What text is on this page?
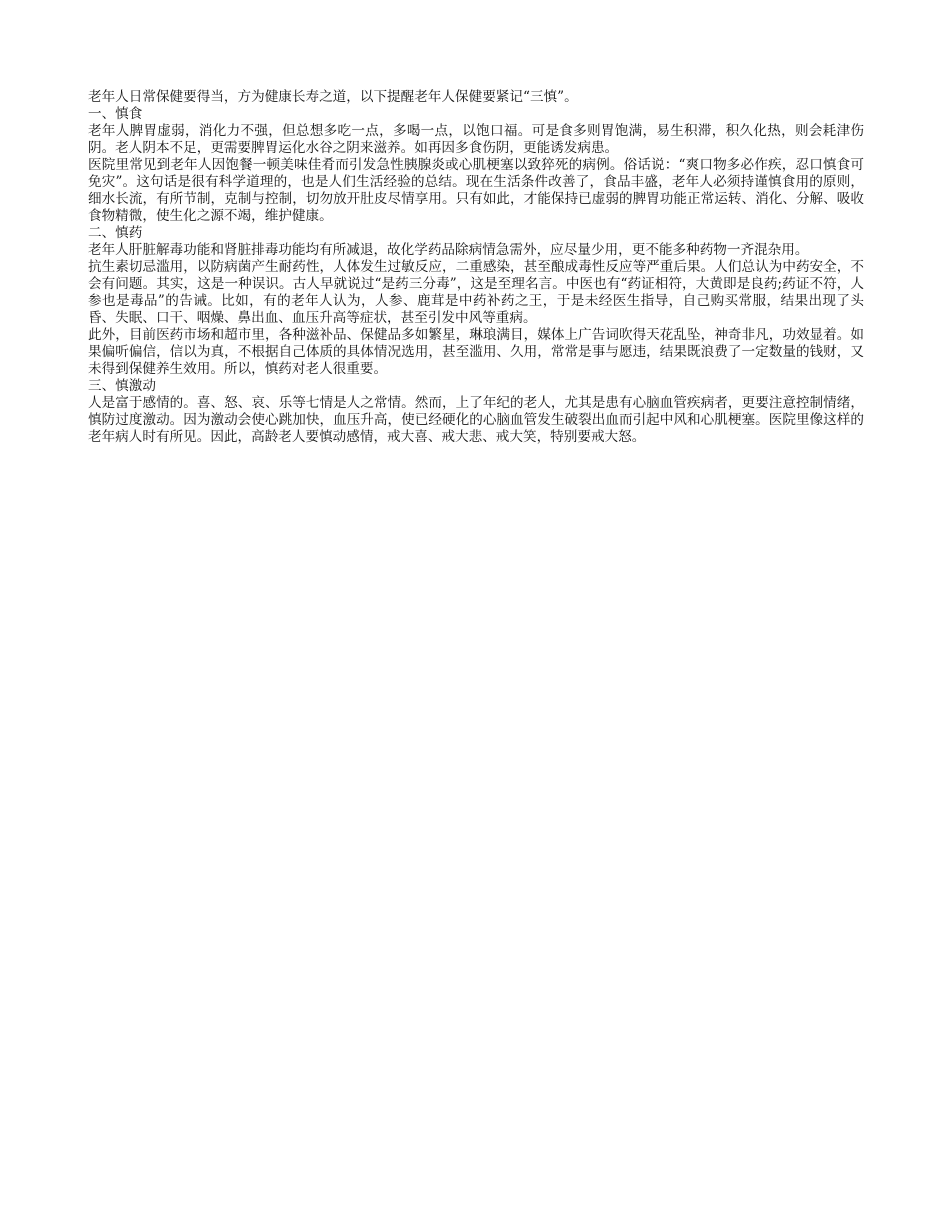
老年人日常保健要得当，方为健康长寿之道，以下提醒老年人保健要紧记“三慎”。

一、慎食

老年人脾胃虚弱，消化力不强，但总想多吃一点，多喝一点，以饱口福。可是食多则胃饱满，易生积滞，积久化热，则会耗津伤阴。老人阴本不足，更需要脾胃运化水谷之阴来滋养。如再因多食伤阴，更能诱发病患。

医院里常见到老年人因饱餐一顿美味佳肴而引发急性胰腺炎或心肌梗塞以致猝死的病例。俗话说：“爽口物多必作疾，忍口慎食可免灾”。这句话是很有科学道理的，也是人们生活经验的总结。现在生活条件改善了，食品丰盛，老年人必须持谨慎食用的原则，细水长流，有所节制，克制与控制，切勿放开肚皮尽情享用。只有如此，才能保持已虚弱的脾胃功能正常运转、消化、分解、吸收食物精微，使生化之源不竭，维护健康。

二、慎药

老年人肝脏解毒功能和肾脏排毒功能均有所减退，故化学药品除病情急需外，应尽量少用，更不能多种药物一齐混杂用。

抗生素切忌滥用，以防病菌产生耐药性，人体发生过敏反应，二重感染，甚至酿成毒性反应等严重后果。人们总认为中药安全，不会有问题。其实，这是一种误识。古人早就说过“是药三分毒”，这是至理名言。中医也有“药证相符，大黄即是良药;药证不符，人参也是毒品”的告诫。比如，有的老年人认为，人参、鹿茸是中药补药之王，于是未经医生指导，自己购买常服，结果出现了头昏、失眠、口干、咽燥、鼻出血、血压升高等症状，甚至引发中风等重病。

此外，目前医药市场和超市里，各种滋补品、保健品多如繁星，琳琅满目，媒体上广告词吹得天花乱坠，神奇非凡，功效显着。如果偏听偏信，信以为真，不根据自己体质的具体情况选用，甚至滥用、久用，常常是事与愿违，结果既浪费了一定数量的钱财，又未得到保健养生效用。所以，慎药对老人很重要。

三、慎激动

人是富于感情的。喜、怒、哀、乐等七情是人之常情。然而，上了年纪的老人，尤其是患有心脑血管疾病者，更要注意控制情绪，慎防过度激动。因为激动会使心跳加快，血压升高，使已经硬化的心脑血管发生破裂出血而引起中风和心肌梗塞。医院里像这样的老年病人时有所见。因此，高龄老人要慎动感情，戒大喜、戒大悲、戒大笑，特别要戒大怒。
